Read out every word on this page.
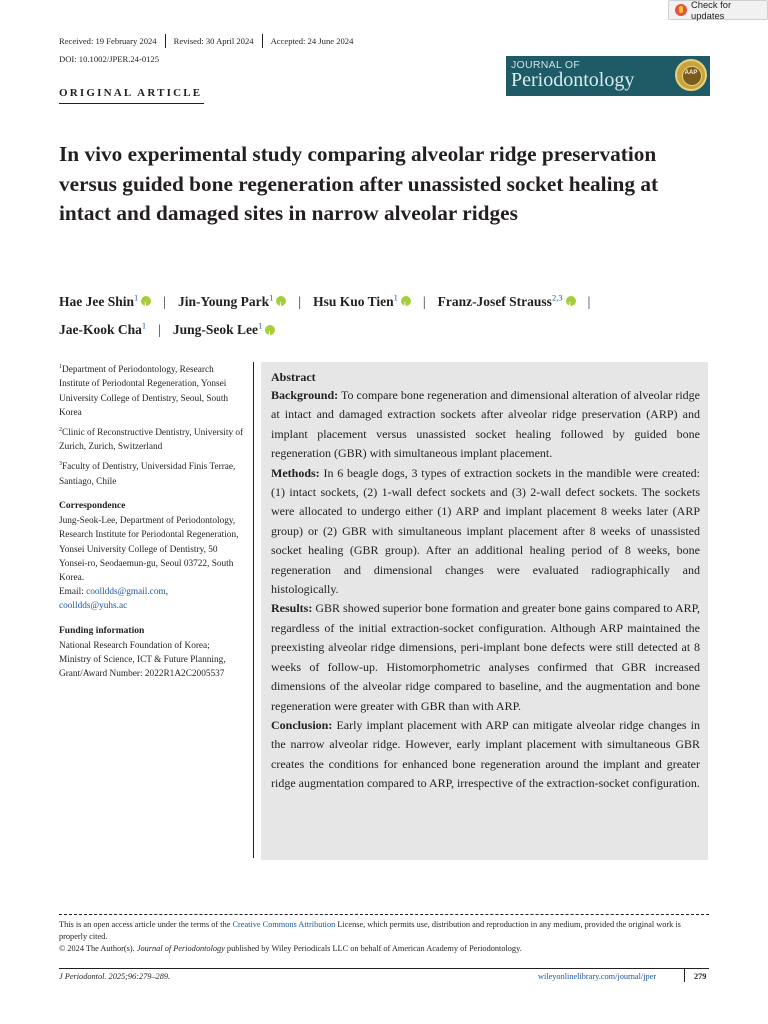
Check for updates
Received: 19 February 2024	Revised: 30 April 2024	Accepted: 24 June 2024
DOI: 10.1002/JPER.24-0125
ORIGINAL ARTICLE
JOURNAL OF
Periodontology	AAP
In vivo experimental study comparing alveolar ridge preservation versus guided bone regeneration after unassisted socket healing at intact and damaged sites in narrow alveolar ridges
Hae Jee Shin$^1$ i | Jin-Young Park$^1$ i | Hsu Kuo Tien$^1$ i | Franz-Josef Strauss$^{2,3}$ i |
Jae-Kook Cha$^1$ | Jung-Seok Lee$^1$i

$^1$Department of Periodontology, Research Institute of Periodontal Regeneration, Yonsei University College of Dentistry, Seoul, South Korea

$^2$Clinic of Reconstructive Dentistry, University of Zurich, Zurich, Switzerland

$^3$Faculty of Dentistry, Universidad Finis Terrae, Santiago, Chile

Correspondence

Jung-Seok-Lee, Department of Periodontology, Research Institute for Periodontal Regeneration, Yonsei University College of Dentistry, 50 Yonsei-ro, Seodaemun-gu, Seoul 03722, South Korea.
Email: coolldds@gmail.com,
coolldds@yuhs.ac

Funding information

National Research Foundation of Korea; Ministry of Science, ICT & Future Planning, Grant/Award Number: 2022R1A2C2005537

Abstract

Background: To compare bone regeneration and dimensional alteration of alveolar ridge at intact and damaged extraction sockets after alveolar ridge preservation (ARP) and implant placement versus unassisted socket healing followed by guided bone regeneration (GBR) with simultaneous implant placement.

Methods: In 6 beagle dogs, 3 types of extraction sockets in the mandible were created: (1) intact sockets, (2) 1-wall defect sockets and (3) 2-wall defect sockets. The sockets were allocated to undergo either (1) ARP and implant placement 8 weeks later (ARP group) or (2) GBR with simultaneous implant placement after 8 weeks of unassisted socket healing (GBR group). After an additional healing period of 8 weeks, bone regeneration and dimensional changes were evaluated radiographically and histologically.

Results: GBR showed superior bone formation and greater bone gains compared to ARP, regardless of the initial extraction-socket configuration. Although ARP maintained the preexisting alveolar ridge dimensions, peri-implant bone defects were still detected at 8 weeks of follow-up. Histomorphometric analyses confirmed that GBR increased dimensions of the alveolar ridge compared to baseline, and the augmentation and bone regeneration were greater with GBR than with ARP.

Conclusion: Early implant placement with ARP can mitigate alveolar ridge changes in the narrow alveolar ridge. However, early implant placement with simultaneous GBR creates the conditions for enhanced bone regeneration around the implant and greater ridge augmentation compared to ARP, irrespective of the extraction-socket configuration.

This is an open access article under the terms of the Creative Commons Attribution License, which permits use, distribution and reproduction in any medium, provided the original work is properly cited.
© 2024 The Author(s). Journal of Periodontology published by Wiley Periodicals LLC on behalf of American Academy of Periodontology.
J Periodontol. 2025;96:279–289.	wileyonlinelibrary.com/journal/jper	279
